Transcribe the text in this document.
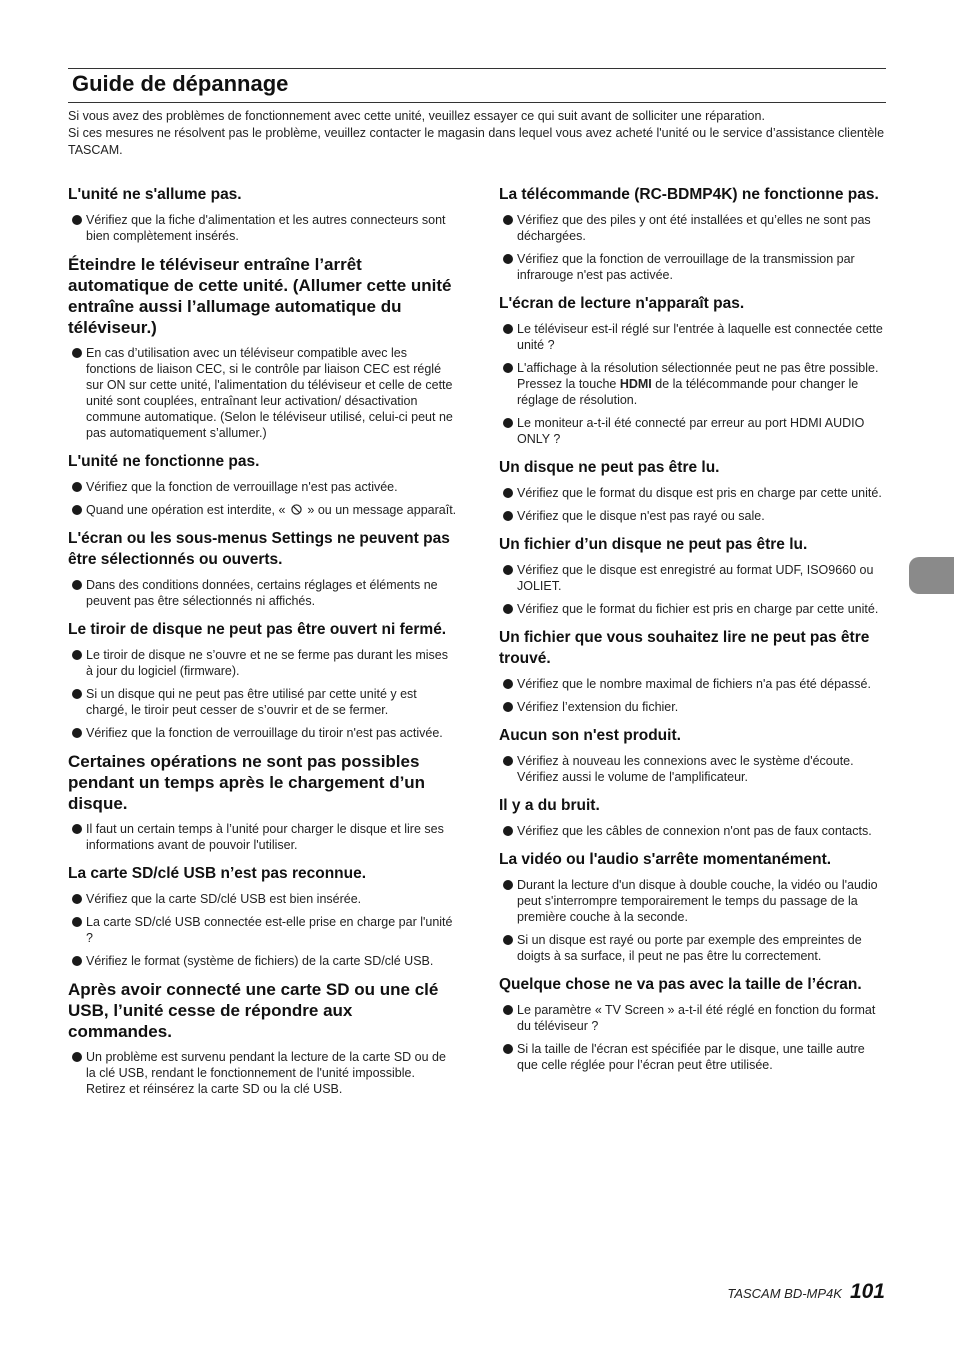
Guide de dépannage

Si vous avez des problèmes de fonctionnement avec cette unité, veuillez essayer ce qui suit avant de solliciter une réparation.

Si ces mesures ne résolvent pas le problème, veuillez contacter le magasin dans lequel vous avez acheté l'unité ou le service d’assistance clientèle TASCAM.

L'unité ne s'allume pas.
Vérifiez que la fiche d'alimentation et les autres connecteurs sont bien complètement insérés.
Éteindre le téléviseur entraîne l’arrêt automatique de cette unité. (Allumer cette unité entraîne aussi l’allumage automatique du téléviseur.)
En cas d’utilisation avec un téléviseur compatible avec les fonctions de liaison CEC, si le contrôle par liaison CEC est réglé sur ON sur cette unité, l'alimentation du téléviseur et celle de cette unité sont couplées, entraînant leur activation/ désactivation commune automatique. (Selon le téléviseur utilisé, celui-ci peut ne pas automatiquement s’allumer.)
L'unité ne fonctionne pas.
Vérifiez que la fonction de verrouillage n'est pas activée.
Quand une opération est interdite, « » ou un message apparaît.
L'écran ou les sous-menus Settings ne peuvent pas être sélectionnés ou ouverts.
Dans des conditions données, certains réglages et éléments ne peuvent pas être sélectionnés ni affichés.
Le tiroir de disque ne peut pas être ouvert ni fermé.
Le tiroir de disque ne s’ouvre et ne se ferme pas durant les mises à jour du logiciel (firmware).
Si un disque qui ne peut pas être utilisé par cette unité y est chargé, le tiroir peut cesser de s’ouvrir et de se fermer.
Vérifiez que la fonction de verrouillage du tiroir n'est pas activée.
Certaines opérations ne sont pas possibles pendant un temps après le chargement d’un disque.
Il faut un certain temps à l’unité pour charger le disque et lire ses informations avant de pouvoir l'utiliser.
La carte SD/clé USB n’est pas reconnue.
Vérifiez que la carte SD/clé USB est bien insérée.
La carte SD/clé USB connectée est-elle prise en charge par l'unité ?
Vérifiez le format (système de fichiers) de la carte SD/clé USB.
Après avoir connecté une carte SD ou une clé USB, l’unité cesse de répondre aux commandes.
Un problème est survenu pendant la lecture de la carte SD ou de la clé USB, rendant le fonctionnement de l'unité impossible. Retirez et réinsérez la carte SD ou la clé USB.
La télécommande (RC-BDMP4K) ne fonctionne pas.
Vérifiez que des piles y ont été installées et qu’elles ne sont pas déchargées.
Vérifiez que la fonction de verrouillage de la transmission par infrarouge n'est pas activée.
L'écran de lecture n'apparaît pas.
Le téléviseur est-il réglé sur l'entrée à laquelle est connectée cette unité ?
L'affichage à la résolution sélectionnée peut ne pas être possible. Pressez la touche HDMI de la télécommande pour changer le réglage de résolution.
Le moniteur a-t-il été connecté par erreur au port HDMI AUDIO ONLY ?
Un disque ne peut pas être lu.
Vérifiez que le format du disque est pris en charge par cette unité.
Vérifiez que le disque n'est pas rayé ou sale.
Un fichier d’un disque ne peut pas être lu.
Vérifiez que le disque est enregistré au format UDF, ISO9660 ou JOLIET.
Vérifiez que le format du fichier est pris en charge par cette unité.
Un fichier que vous souhaitez lire ne peut pas être trouvé.
Vérifiez que le nombre maximal de fichiers n'a pas été dépassé.
Vérifiez l’extension du fichier.
Aucun son n'est produit.
Vérifiez à nouveau les connexions avec le système d'écoute. Vérifiez aussi le volume de l'amplificateur.
Il y a du bruit.
Vérifiez que les câbles de connexion n'ont pas de faux contacts.
La vidéo ou l'audio s'arrête momentanément.
Durant la lecture d'un disque à double couche, la vidéo ou l'audio peut s'interrompre temporairement le temps du passage de la première couche à la seconde.
Si un disque est rayé ou porte par exemple des empreintes de doigts à sa surface, il peut ne pas être lu correctement.
Quelque chose ne va pas avec la taille de l’écran.
Le paramètre « TV Screen » a-t-il été réglé en fonction du format du téléviseur ?
Si la taille de l'écran est spécifiée par le disque, une taille autre que celle réglée pour l’écran peut être utilisée.
TASCAM BD-MP4K 101
